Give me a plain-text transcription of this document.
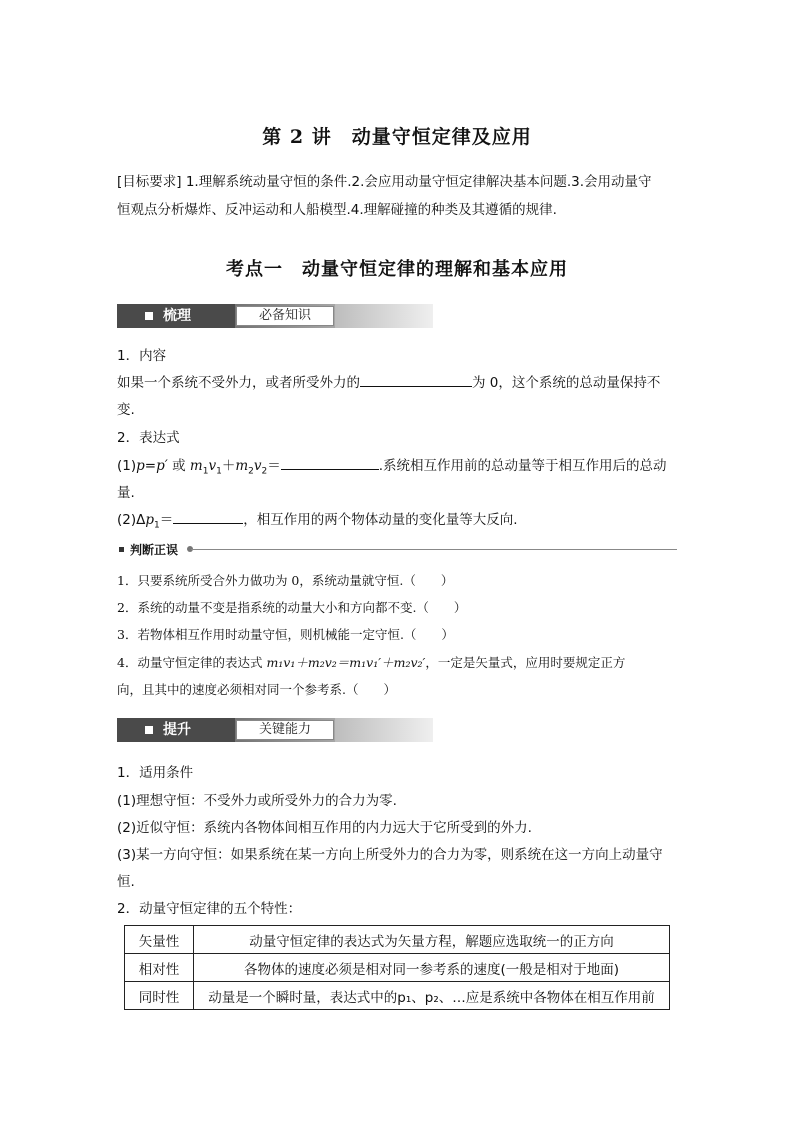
第 2 讲　动量守恒定律及应用
[目标要求] 1.理解系统动量守恒的条件.2.会应用动量守恒定律解决基本问题.3.会用动量守
恒观点分析爆炸、反冲运动和人船模型.4.理解碰撞的种类及其遵循的规律.
考点一　动量守恒定律的理解和基本应用
梳理	必备知识
1．内容
如果一个系统不受外力，或者所受外力的	为 0，这个系统的总动量保持不
变.
2．表达式
(1)p=p′ 或 $m_1v_1+m_2v_2=$	.系统相互作用前的总动量等于相互作用后的总动
量.
$(2)\Delta p_1=$	，相互作用的两个物体动量的变化量等大反向.
判断正误
1．只要系统所受合外力做功为 0，系统动量就守恒.（　　）
2．系统的动量不变是指系统的动量大小和方向都不变.（　　）
3．若物体相互作用时动量守恒，则机械能一定守恒.（　　）
4．动量守恒定律的表达式 m₁v₁＋m₂v₂＝m₁v₁′＋m₂v₂′，一定是矢量式，应用时要规定正方
向，且其中的速度必须相对同一个参考系.（　　）
提升	关键能力
1．适用条件
(1)理想守恒：不受外力或所受外力的合力为零.
(2)近似守恒：系统内各物体间相互作用的内力远大于它所受到的外力.
(3)某一方向守恒：如果系统在某一方向上所受外力的合力为零，则系统在这一方向上动量守
恒.
2．动量守恒定律的五个特性：
矢量性	动量守恒定律的表达式为矢量方程，解题应选取统一的正方向
相对性	各物体的速度必须是相对同一参考系的速度(一般是相对于地面)
同时性	动量是一个瞬时量，表达式中的p₁、p₂、…应是系统中各物体在相互作用前
